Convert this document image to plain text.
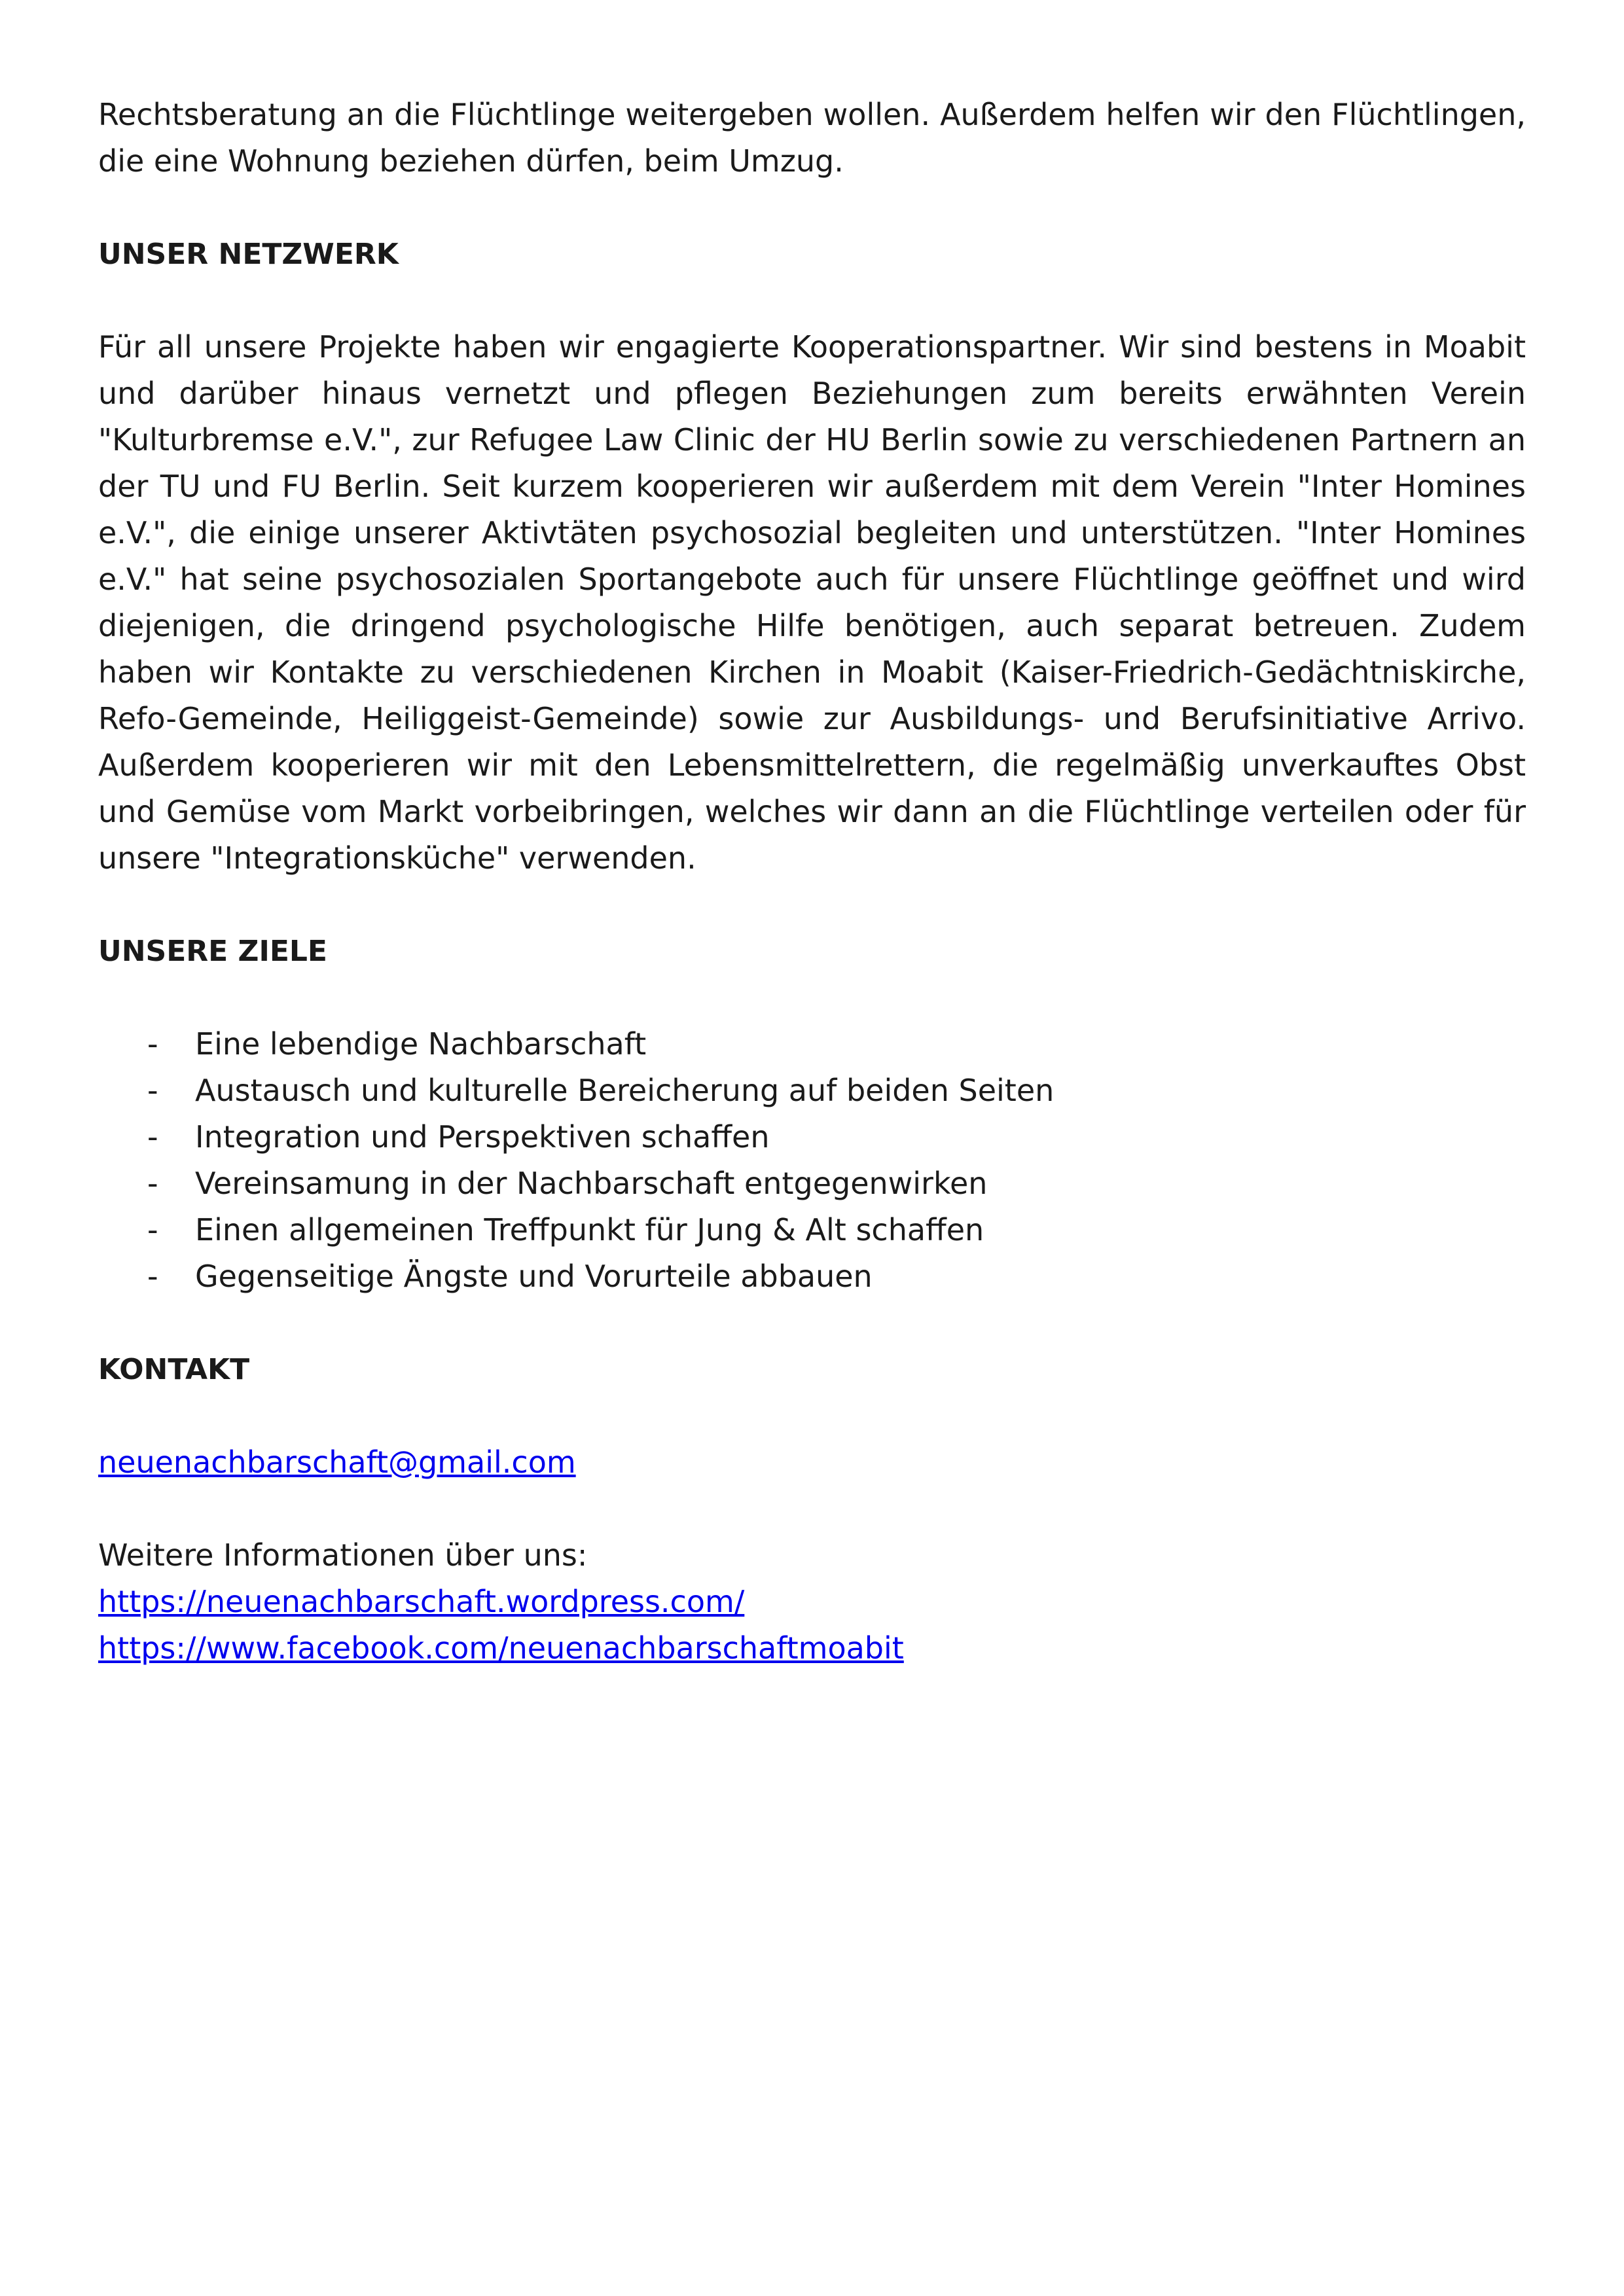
Rechtsberatung an die Flüchtlinge weitergeben wollen. Außerdem helfen wir den Flüchtlingen, die eine Wohnung beziehen dürfen, beim Umzug.

UNSER NETZWERK

Für all unsere Projekte haben wir engagierte Kooperationspartner. Wir sind bestens in Moabit und darüber hinaus vernetzt und pflegen Beziehungen zum bereits erwähnten Verein "Kulturbremse e.V.", zur Refugee Law Clinic der HU Berlin sowie zu verschiedenen Partnern an der TU und FU Berlin. Seit kurzem kooperieren wir außerdem mit dem Verein "Inter Homines e.V.", die einige unserer Aktivtäten psychosozial begleiten und unterstützen. "Inter Homines e.V." hat seine psychosozialen Sportangebote auch für unsere Flüchtlinge geöffnet und wird diejenigen, die dringend psychologische Hilfe benötigen, auch separat betreuen. Zudem haben wir Kontakte zu verschiedenen Kirchen in Moabit (Kaiser-Friedrich-Gedächtniskirche, Refo-Gemeinde, Heiliggeist-Gemeinde) sowie zur Ausbildungs- und Berufsinitiative Arrivo. Außerdem kooperieren wir mit den Lebensmittelrettern, die regelmäßig unverkauftes Obst und Gemüse vom Markt vorbeibringen, welches wir dann an die Flüchtlinge verteilen oder für unsere "Integrationsküche" verwenden.

UNSERE ZIELE
- Eine lebendige Nachbarschaft
- Austausch und kulturelle Bereicherung auf beiden Seiten
- Integration und Perspektiven schaffen
- Vereinsamung in der Nachbarschaft entgegenwirken
- Einen allgemeinen Treffpunkt für Jung & Alt schaffen
- Gegenseitige Ängste und Vorurteile abbauen
KONTAKT

neuenachbarschaft@gmail.com

Weitere Informationen über uns:

https://neuenachbarschaft.wordpress.com/

https://www.facebook.com/neuenachbarschaftmoabit
